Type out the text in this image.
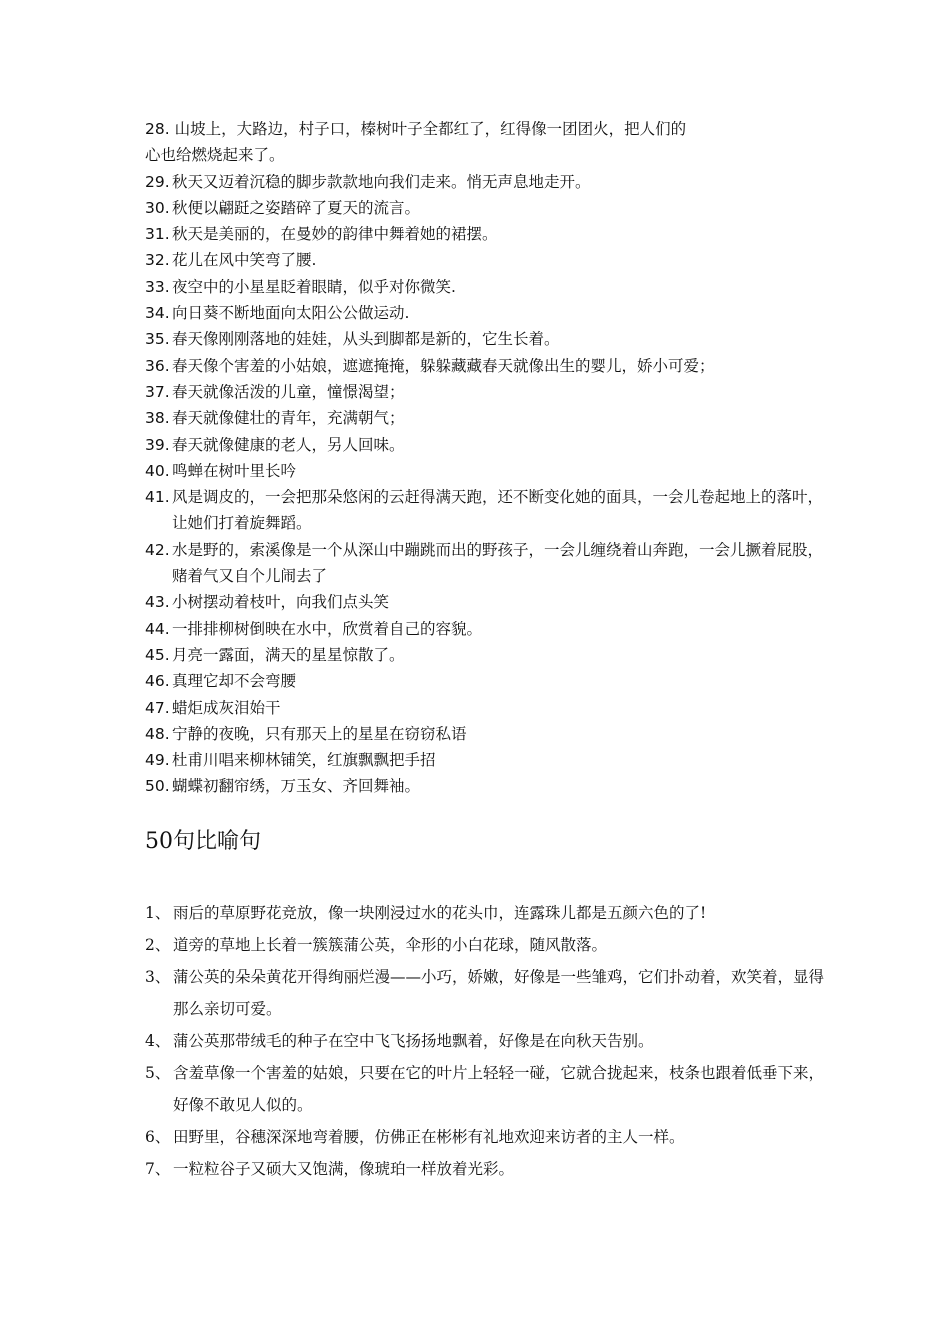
28. 山坡上，大路边，村子口，榛树叶子全都红了，红得像一团团火，把人们的
心也给燃烧起来了。
29. 秋天又迈着沉稳的脚步款款地向我们走来。悄无声息地走开。
30. 秋便以翩跹之姿踏碎了夏天的流言。
31. 秋天是美丽的，在曼妙的韵律中舞着她的裙摆。
32. 花儿在风中笑弯了腰.
33. 夜空中的小星星眨着眼睛，似乎对你微笑.
34. 向日葵不断地面向太阳公公做运动.
35. 春天像刚刚落地的娃娃，从头到脚都是新的，它生长着。
36. 春天像个害羞的小姑娘，遮遮掩掩，躲躲藏藏春天就像出生的婴儿，娇小可爱；
37. 春天就像活泼的儿童，憧憬渴望；
38. 春天就像健壮的青年，充满朝气；
39. 春天就像健康的老人，另人回味。
40. 鸣蝉在树叶里长吟
41. 风是调皮的，一会把那朵悠闲的云赶得满天跑，还不断变化她的面具，一会儿卷起地上的落叶，让她们打着旋舞蹈。
42. 水是野的，索溪像是一个从深山中蹦跳而出的野孩子，一会儿缠绕着山奔跑，一会儿撅着屁股，赌着气又自个儿闹去了
43. 小树摆动着枝叶，向我们点头笑
44. 一排排柳树倒映在水中，欣赏着自己的容貌。
45. 月亮一露面，满天的星星惊散了。
46. 真理它却不会弯腰
47. 蜡炬成灰泪始干
48. 宁静的夜晚，只有那天上的星星在窃窃私语
49. 杜甫川唱来柳林铺笑，红旗飘飘把手招
50. 蝴蝶初翻帘绣，万玉女、齐回舞袖。
50句比喻句
1、 雨后的草原野花竞放，像一块刚浸过水的花头巾，连露珠儿都是五颜六色的了!
2、 道旁的草地上长着一簇簇蒲公英，伞形的小白花球，随风散落。
3、 蒲公英的朵朵黄花开得绚丽烂漫——小巧，娇嫩，好像是一些雏鸡，它们扑动着，欢笑着，显得那么亲切可爱。
4、 蒲公英那带绒毛的种子在空中飞飞扬扬地飘着，好像是在向秋天告别。
5、 含羞草像一个害羞的姑娘，只要在它的叶片上轻轻一碰，它就合拢起来，枝条也跟着低垂下来，好像不敢见人似的。
6、 田野里，谷穗深深地弯着腰，仿佛正在彬彬有礼地欢迎来访者的主人一样。
7、 一粒粒谷子又硕大又饱满，像琥珀一样放着光彩。
